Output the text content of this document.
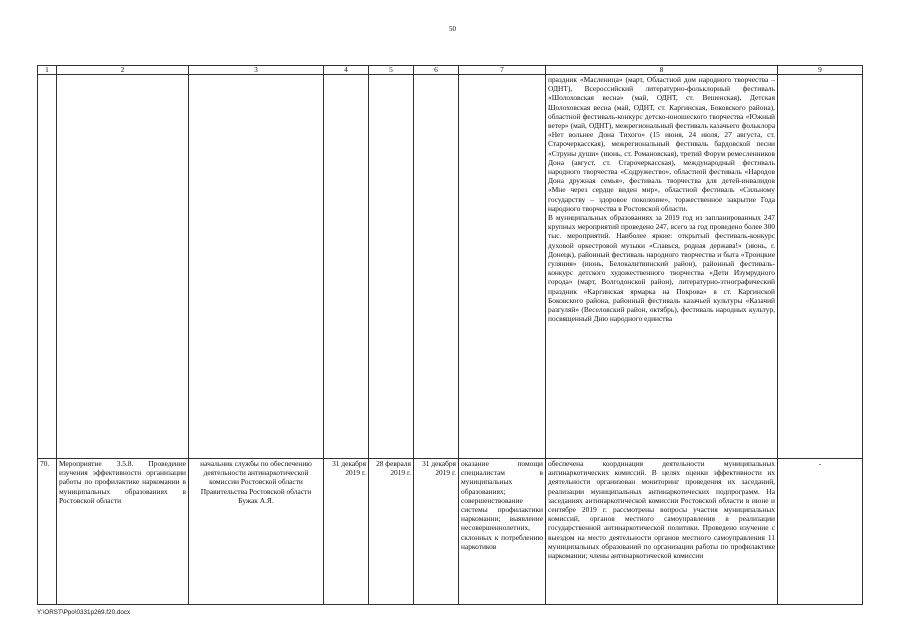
50
1	2	3	4	5	6	7	8	9

							праздник «Масленица» (март, Областной дом народного творчества – ОДНТ), Всероссийский литературно-фольклорный фестиваль «Шолоховская весна» (май, ОДНТ, ст. Вешенская), Детская Шолоховская весна (май, ОДНТ, ст. Каргинская, Боковского района), областной фестиваль-конкурс детско-юношеского творчества «Южный ветер» (май, ОДНТ), межрегиональный фестиваль казачьего фольклора «Нет вольнее Дона Тихого» (15 июня, 24 июля, 27 августа, ст. Старочеркасская), межрегиональный фестиваль бардовской песни «Струны души» (июнь, ст. Романовская), третий Форум ремесленников Дона (август, ст. Старочеркасская), международный фестиваль народного творчества «Содружество», областной фестиваль «Народов Дона дружная семья», фестиваль творчества для детей-инвалидов «Мне через сердце виден мир», областной фестиваль «Сильному государству – здоровое поколение», торжественное закрытие Года народного творчества в Ростовской области.
В муниципальных образованиях за 2019 год из запланированных 247 крупных мероприятий проведено 247, всего за год проведено более 300 тыс. мероприятий. Наиболее яркие: открытый фестиваль-конкурс духовой оркестровой музыки «Славься, родная держава!» (июнь, г. Донецк), районный фестиваль народного творчества и быта «Троицкие гуляния» (июнь, Белокалитвинский район), районный фестиваль-конкурс детского художественного творчества «Дети Изумрудного города» (март, Волгодонской район), литературно-этнографический праздник «Каргинская ярмарка на Покрова» в ст. Каргинской Боковского района, районный фестиваль казачьей культуры «Казачий разгуляй» (Веселовский район, октябрь), фестиваль народных культур, посвященный Дню народного единства	

70.	Мероприятие 3.5.8. Проведение изучения эффективности организации работы по профилактике наркомании в муниципальных образованиях в Ростовской области	начальник службы по обеспечению деятельности антинаркотической комиссии Ростовской области Правительства Ростовской области Бужак А.Я.	31 декабря 2019 г.	28 февраля 2019 г.	31 декабря 2019 г.	оказание помощи специалистам в муниципальных образованиях; совершенствование системы профилактики наркомании; выявление несовершеннолетних, склонных к потреблению наркотиков	обеспечена координация деятельности муниципальных антинаркотических комиссий. В целях оценки эффективности их деятельности организован мониторинг проведения их заседаний, реализации муниципальных антинаркотических подпрограмм. На заседаниях антинаркотической комиссии Ростовской области в июне и сентябре 2019 г. рассмотрены вопросы участия муниципальных комиссий, органов местного самоуправления в реализации государственной антинаркотической политики. Проведено изучение с выездом на место деятельности органов местного самоуправления 11 муниципальных образований по организации работы по профилактике наркомании; члены антинаркотической комиссии	-
Y:\ORST\Ppo\0331p269.f20.docx
